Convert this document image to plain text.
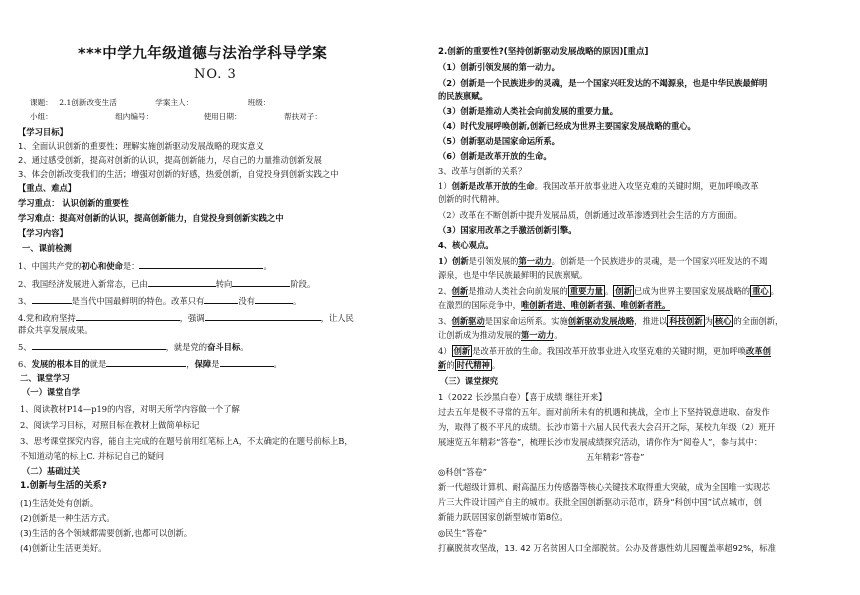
***中学九年级道德与法治学科导学案
NO. 3
课题： 2.1创新改变生活	学案主人：	班级：
小组：	组内编号：	使用日期：	帮扶对子：
【学习目标】
1、全面认识创新的重要性；理解实施创新驱动发展战略的现实意义
2、通过感受创新，提高对创新的认识，提高创新能力，尽自己的力量推动创新发展
3、体会创新改变我们的生活；增强对创新的好感，热爱创新，自觉投身到创新实践之中
【重点、难点】
学习重点： 认识创新的重要性
学习难点：提高对创新的认识，提高创新能力，自觉投身到创新实践之中
【学习内容】
一、课前检测
1、中国共产党的初心和使命是：	。
2、我国经济发展进入新常态，已由	转向	阶段。
3、	是当代中国最鲜明的特色。改革只有	没有	。
4.党和政府坚持	，强调	，让人民
群众共享发展成果。
5、	，就是党的奋斗目标。
6、发展的根本目的就是	，保障是	。
二、课堂学习
（一）课堂自学
1、阅读教材P14—p19的内容，对明天所学内容做一个了解
2、阅读学习目标，对照目标在教材上做简单标记
3、思考课堂探究内容，能自主完成的在题号前用红笔标上A，不太确定的在题号前标上B，
不知道动笔的标上C. 并标记自己的疑问
（二）基础过关
1.创新与生活的关系?
(1)生活处处有创新。
(2)创新是一种生活方式。
(3)生活的各个领域都需要创新,也都可以创新。
(4)创新让生活更美好。
2.创新的重要性?(坚持创新驱动发展战略的原因)[重点]
（1）创新引领发展的第一动力。
（2）创新是一个民族进步的灵魂，是一个国家兴旺发达的不竭源泉，也是中华民族最鲜明
的民族禀赋。
（3）创新是推动人类社会向前发展的重要力量。
（4）时代发展呼唤创新,创新已经成为世界主要国家发展战略的重心。
（5）创新驱动是国家命运所系。
（6）创新是改革开放的生命。
3、改革与创新的关系？
1）创新是改革开放的生命。我国改革开放事业进入攻坚克难的关键时期，更加呼唤改革
创新的时代精神。
（2）改革在不断创新中提升发展品质，创新通过改革渗透到社会生活的方方面面。
（3）国家用改革之手激活创新引擎。
4、核心观点。
1）创新是引领发展的第一动力。创新是一个民族进步的灵魂，是一个国家兴旺发达的不竭
源泉，也是中华民族最鲜明的民族禀赋。
2、创新是推动人类社会向前发展的 重要力量 。 创新 已成为世界主要国家发展战略的 重心 。
在激烈的国际竞争中，唯创新者进、唯创新者强、唯创新者胜。
3、创新驱动是国家命运所系。实施创新驱动发展战略，推进以 科技创新 为 核心 的全面创新，
让创新成为推动发展的第一动力。
4） 创新 是改革开放的生命。我国改革开放事业进入攻坚克难的关键时期，更加呼唤改革创
新的 时代精神 。
（三）课堂探究
1（2022 长沙黑白卷）【喜于成绩 继往开来】
过去五年是极不寻常的五年。面对前所未有的机遇和挑战，全市上下坚持锐意进取、奋发作
为，取得了极不平凡的成绩。长沙市第十六届人民代表大会召开之际，某校九年级（2）班开
展速览五年精彩“答卷”，梳理长沙市发展成绩探究活动，请你作为“阅卷人”，参与其中：
五年精彩“答卷”
◎科创“答卷”
新一代超级计算机、耐高温压力传感器等核心关键技术取得重大突破，成为全国唯一实现芯
片三大件设计国产自主的城市。获批全国创新驱动示范市，跻身“科创中国”试点城市，创
新能力跃居国家创新型城市第8位。
◎民生“答卷”
打赢脱贫攻坚战，13. 42 万名贫困人口全部脱贫。公办及普惠性幼儿园覆盖率超92%，标准
